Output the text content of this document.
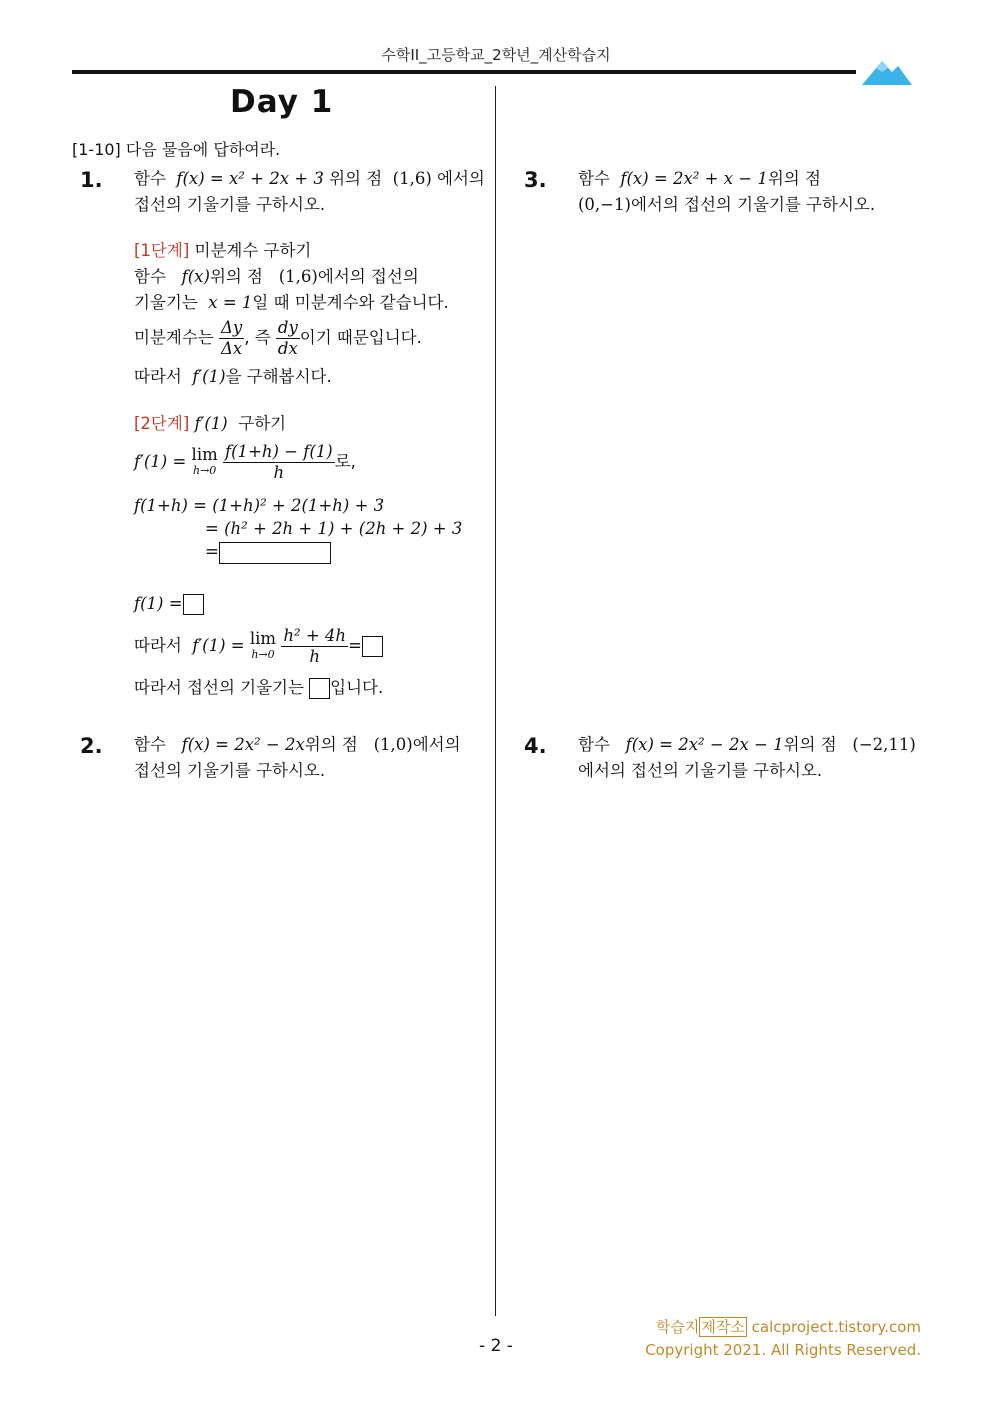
수학II_고등학교_2학년_계산학습지
Day 1
[1-10] 다음 물음에 답하여라.
1. 함수 f(x) = x² + 2x + 3 위의 점 (1,6) 에서의
접선의 기울기를 구하시오.
[1단계] 미분계수 구하기
함수 f(x)위의 점 (1,6)에서의 접선의
기울기는 x = 1일 때 미분계수와 같습니다.
미분계수는 $\frac{\Delta y}{\Delta x}$ , 즉 $\frac{dy}{dx}$ 이기 때문입니다.
따라서 f′(1)을 구해봅시다.
[2단계] f′(1) 구하기
f′(1) = lim
h→0
$\frac{f(1+h) - f(1)}{h}$ 로,
f(1+h) = (1+h)² + 2(1+h) + 3
= (h² + 2h + 1) + (2h + 2) + 3
=
f(1) =
따라서 f′(1) = lim
h→0
$\frac{\text{h² + 4h}}{h}$ =
따라서 접선의 기울기는 입니다.
2. 함수 f(x) = 2x² − 2x위의 점 (1,0)에서의
접선의 기울기를 구하시오.
3. 함수 f(x) = 2x² + x − 1위의 점
(0,−1)에서의 접선의 기울기를 구하시오.
4. 함수 f(x) = 2x² − 2x − 1위의 점 (−2,11)
에서의 접선의 기울기를 구하시오.
학습지 제작소 calcproject.tistory.com
Copyright 2021. All Rights Reserved.
- 2 -
